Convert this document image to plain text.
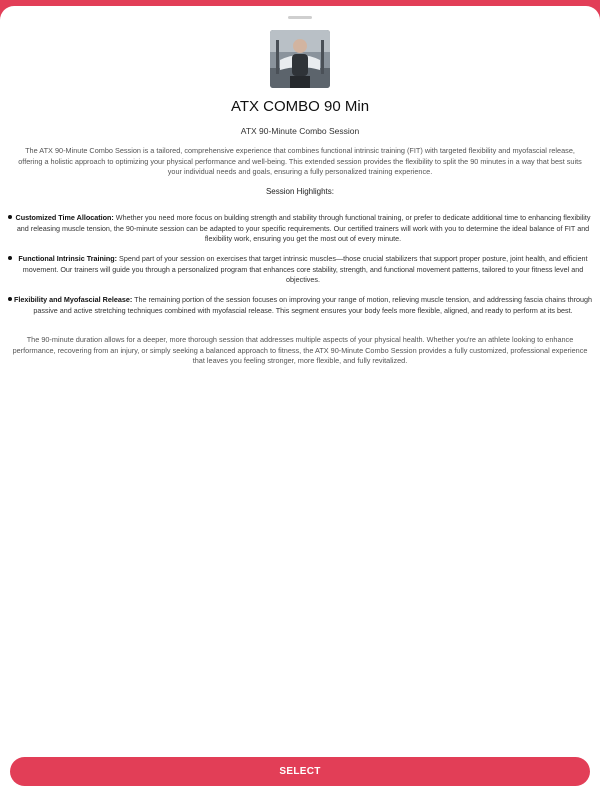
ATX COMBO 90 Min
ATX 90-Minute Combo Session
The ATX 90-Minute Combo Session is a tailored, comprehensive experience that combines functional intrinsic training (FIT) with targeted flexibility and myofascial release, offering a holistic approach to optimizing your physical performance and well-being. This extended session provides the flexibility to split the 90 minutes in a way that best suits your individual needs and goals, ensuring a fully personalized training experience.
Session Highlights:
Customized Time Allocation: Whether you need more focus on building strength and stability through functional training, or prefer to dedicate additional time to enhancing flexibility and releasing muscle tension, the 90-minute session can be adapted to your specific requirements. Our certified trainers will work with you to determine the ideal balance of FIT and flexibility work, ensuring you get the most out of every minute.
Functional Intrinsic Training: Spend part of your session on exercises that target intrinsic muscles—those crucial stabilizers that support proper posture, joint health, and efficient movement. Our trainers will guide you through a personalized program that enhances core stability, strength, and functional movement patterns, tailored to your fitness level and objectives.
Flexibility and Myofascial Release: The remaining portion of the session focuses on improving your range of motion, relieving muscle tension, and addressing fascia chains through passive and active stretching techniques combined with myofascial release. This segment ensures your body feels more flexible, aligned, and ready to perform at its best.
The 90-minute duration allows for a deeper, more thorough session that addresses multiple aspects of your physical health. Whether you're an athlete looking to enhance performance, recovering from an injury, or simply seeking a balanced approach to fitness, the ATX 90-Minute Combo Session provides a fully customized, professional experience that leaves you feeling stronger, more flexible, and fully revitalized.
SELECT
